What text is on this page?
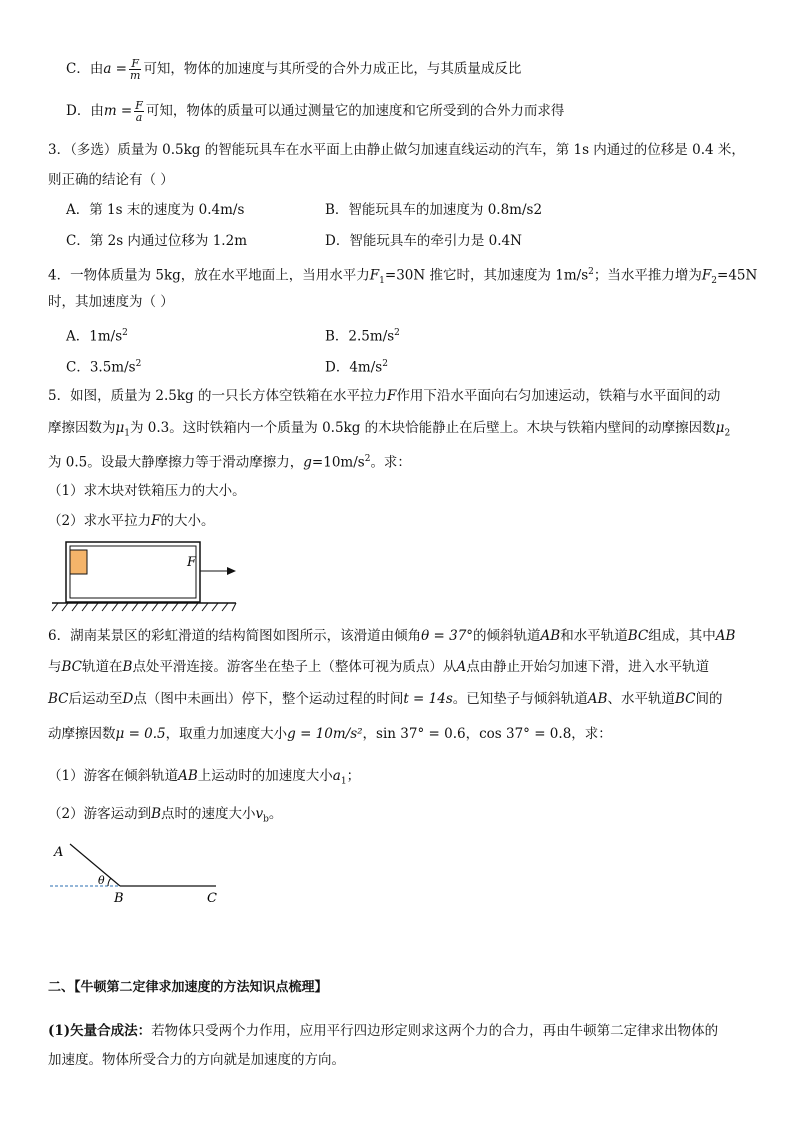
C．由$a = \frac{F}{m}$ 可知，物体的加速度与其所受的合外力成正比，与其质量成反比
D．由$m = \frac{F}{a}$ 可知，物体的质量可以通过测量它的加速度和它所受到的合外力而求得
3．（多选）质量为 0.5kg 的智能玩具车在水平面上由静止做匀加速直线运动的汽车，第 1s 内通过的位移是 0.4 米，
则正确的结论有（ ）
A．第 1s 末的速度为 0.4m/s	B．智能玩具车的加速度为 0.8m/s2
C．第 2s 内通过位移为 1.2m	D．智能玩具车的牵引力是 0.4N
4．一物体质量为 5kg，放在水平地面上，当用水平力$F_1=30N$ 推它时，其加速度为 $1m/s^2$；当水平推力增为$F_2=45N$
时，其加速度为（ ）
A．$1m/s^2$	B．$2.5m/s^2$
C．$3.5m/s^2$	D．$4m/s^2$
5．如图，质量为 2.5kg 的一只长方体空铁箱在水平拉力F作用下沿水平面向右匀加速运动，铁箱与水平面间的动
摩擦因数为$\mu_1$为 0.3。这时铁箱内一个质量为 0.5kg 的木块恰能静止在后壁上。木块与铁箱内壁间的动摩擦因数$\mu_2$
为 0.5。设最大静摩擦力等于滑动摩擦力，$g=10m/s^2$。求：
（1）求木块对铁箱压力的大小。
（2）求水平拉力F的大小。
F
6．湖南某景区的彩虹滑道的结构简图如图所示，该滑道由倾角θ = 37°的倾斜轨道AB和水平轨道BC组成，其中AB
与BC轨道在B点处平滑连接。游客坐在垫子上（整体可视为质点）从A点由静止开始匀加速下滑，进入水平轨道
BC后运动至D点（图中未画出）停下，整个运动过程的时间t = 14s。已知垫子与倾斜轨道AB、水平轨道BC间的
动摩擦因数μ = 0.5，取重力加速度大小g = 10m/s²，sin 37° = 0.6，cos 37° = 0.8，求：
（1）游客在倾斜轨道AB上运动时的加速度大小$a_1$；
（2）游客运动到B点时的速度大小$v_b$。
A
θ
B	C
二、【牛顿第二定律求加速度的方法知识点梳理】
(1)矢量合成法：若物体只受两个力作用，应用平行四边形定则求这两个力的合力，再由牛顿第二定律求出物体的
加速度。物体所受合力的方向就是加速度的方向。
